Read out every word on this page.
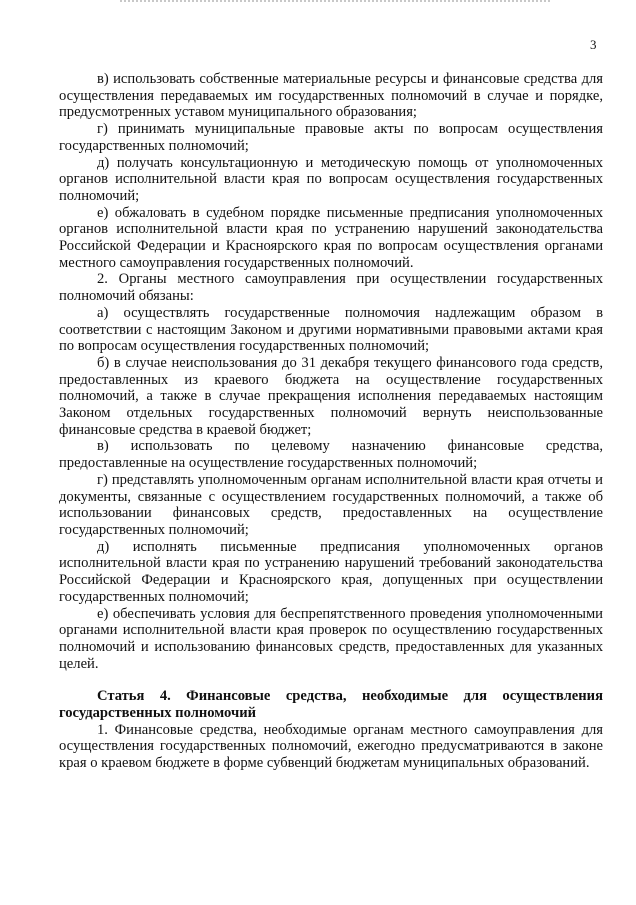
3

в) использовать собственные материальные ресурсы и финансовые средства для осуществления передаваемых им государственных полномочий в случае и порядке, предусмотренных уставом муниципального образования;

г) принимать муниципальные правовые акты по вопросам осуществления государственных полномочий;

д) получать консультационную и методическую помощь от уполномоченных органов исполнительной власти края по вопросам осуществления государственных полномочий;

е) обжаловать в судебном порядке письменные предписания уполномоченных органов исполнительной власти края по устранению нарушений законодательства Российской Федерации и Красноярского края по вопросам осуществления органами местного самоуправления государственных полномочий.

2. Органы местного самоуправления при осуществлении государственных полномочий обязаны:

а) осуществлять государственные полномочия надлежащим образом в соответствии с настоящим Законом и другими нормативными правовыми актами края по вопросам осуществления государственных полномочий;

б) в случае неиспользования до 31 декабря текущего финансового года средств, предоставленных из краевого бюджета на осуществление государственных полномочий, а также в случае прекращения исполнения передаваемых настоящим Законом отдельных государственных полномочий вернуть неиспользованные финансовые средства в краевой бюджет;

в) использовать по целевому назначению финансовые средства, предоставленные на осуществление государственных полномочий;

г) представлять уполномоченным органам исполнительной власти края отчеты и документы, связанные с осуществлением государственных полномочий, а также об использовании финансовых средств, предоставленных на осуществление государственных полномочий;

д) исполнять письменные предписания уполномоченных органов исполнительной власти края по устранению нарушений требований законодательства Российской Федерации и Красноярского края, допущенных при осуществлении государственных полномочий;

е) обеспечивать условия для беспрепятственного проведения уполномоченными органами исполнительной власти края проверок по осуществлению государственных полномочий и использованию финансовых средств, предоставленных для указанных целей.

Статья 4. Финансовые средства, необходимые для осуществления государственных полномочий

1. Финансовые средства, необходимые органам местного самоуправления для осуществления государственных полномочий, ежегодно предусматриваются в законе края о краевом бюджете в форме субвенций бюджетам муниципальных образований.
